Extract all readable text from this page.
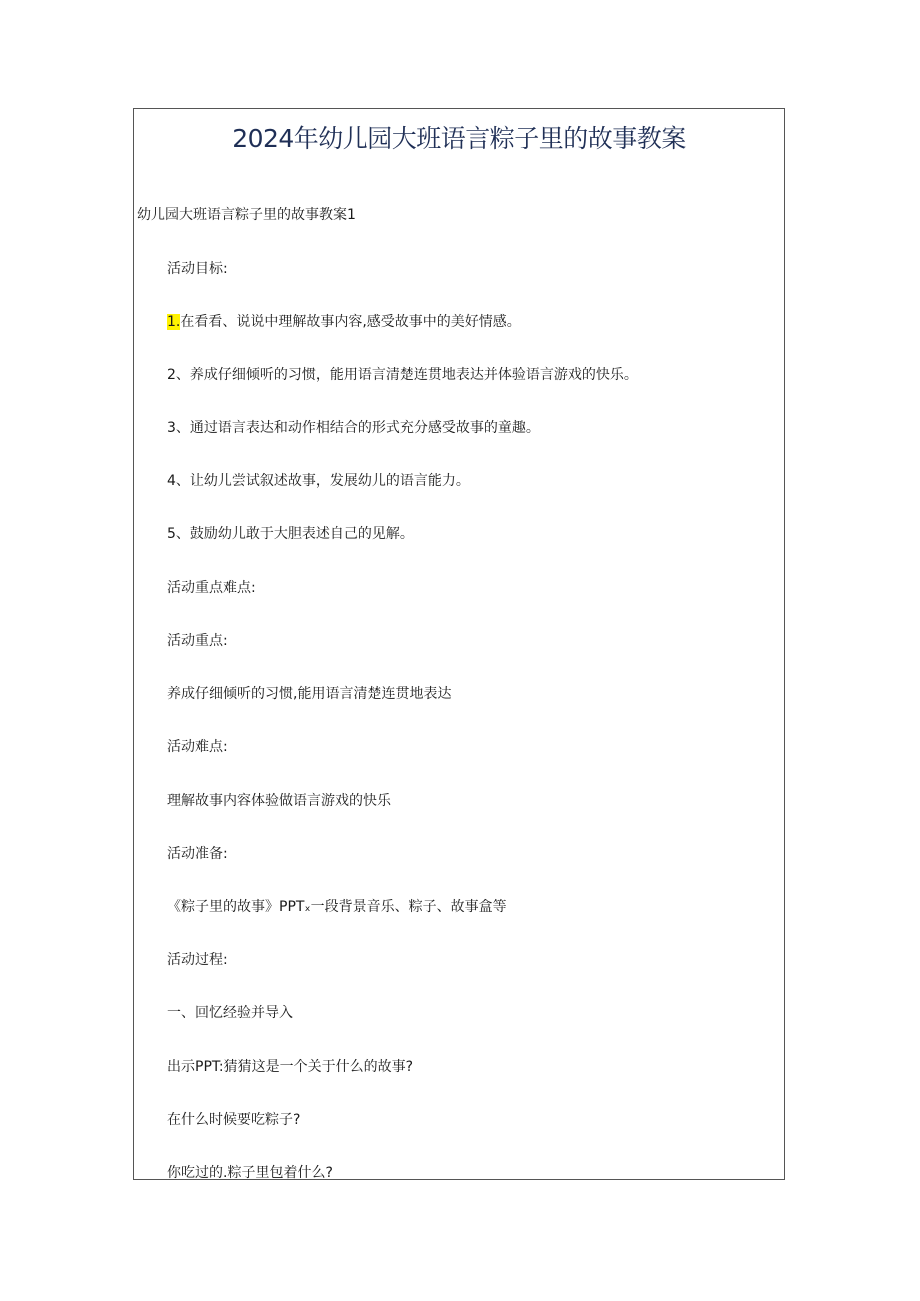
2024年幼儿园大班语言粽子里的故事教案
幼儿园大班语言粽子里的故事教案1
活动目标:
1.在看看、说说中理解故事内容,感受故事中的美好情感。
2、养成仔细倾听的习惯，能用语言清楚连贯地表达并体验语言游戏的快乐。
3、通过语言表达和动作相结合的形式充分感受故事的童趣。
4、让幼儿尝试叙述故事，发展幼儿的语言能力。
5、鼓励幼儿敢于大胆表述自己的见解。
活动重点难点:
活动重点:
养成仔细倾听的习惯,能用语言清楚连贯地表达
活动难点:
理解故事内容体验做语言游戏的快乐
活动准备:
《粽子里的故事》PPTₓ一段背景音乐、粽子、故事盒等
活动过程:
一、回忆经验并导入
出示PPT:猜猜这是一个关于什么的故事?
在什么时候要吃粽子?
你吃过的.粽子里包着什么?
